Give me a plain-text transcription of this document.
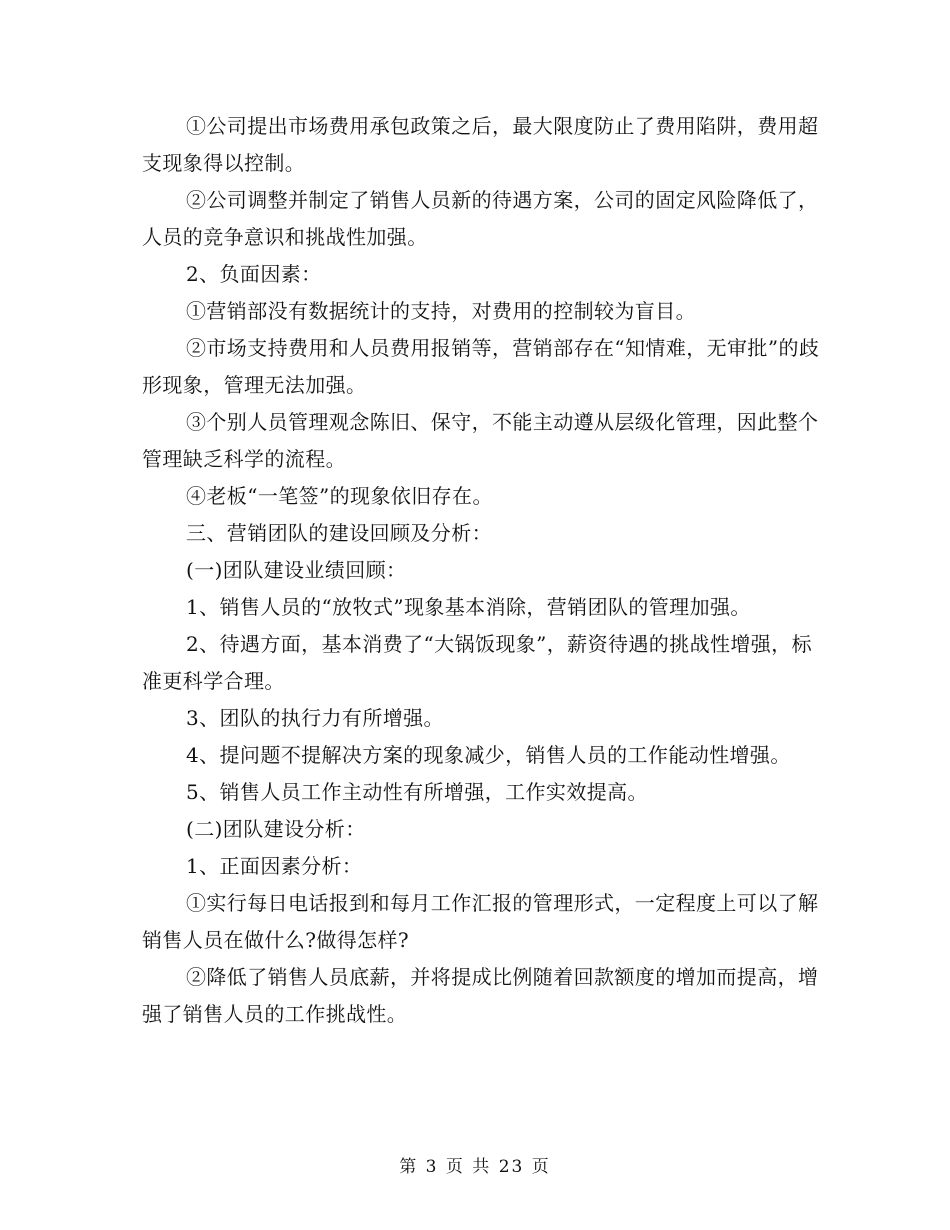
①公司提出市场费用承包政策之后，最大限度防止了费用陷阱，费用超支现象得以控制。

②公司调整并制定了销售人员新的待遇方案，公司的固定风险降低了，人员的竞争意识和挑战性加强。

2、负面因素：

①营销部没有数据统计的支持，对费用的控制较为盲目。

②市场支持费用和人员费用报销等，营销部存在“知情难，无审批”的歧形现象，管理无法加强。

③个别人员管理观念陈旧、保守，不能主动遵从层级化管理，因此整个管理缺乏科学的流程。

④老板“一笔签”的现象依旧存在。

三、营销团队的建设回顾及分析：

(一)团队建设业绩回顾：

1、销售人员的“放牧式”现象基本消除，营销团队的管理加强。

2、待遇方面，基本消费了“大锅饭现象”，薪资待遇的挑战性增强，标准更科学合理。

3、团队的执行力有所增强。

4、提问题不提解决方案的现象减少，销售人员的工作能动性增强。

5、销售人员工作主动性有所增强，工作实效提高。

(二)团队建设分析：

1、正面因素分析：

①实行每日电话报到和每月工作汇报的管理形式，一定程度上可以了解销售人员在做什么?做得怎样?

②降低了销售人员底薪，并将提成比例随着回款额度的增加而提高，增强了销售人员的工作挑战性。

第 3 页 共 23 页
